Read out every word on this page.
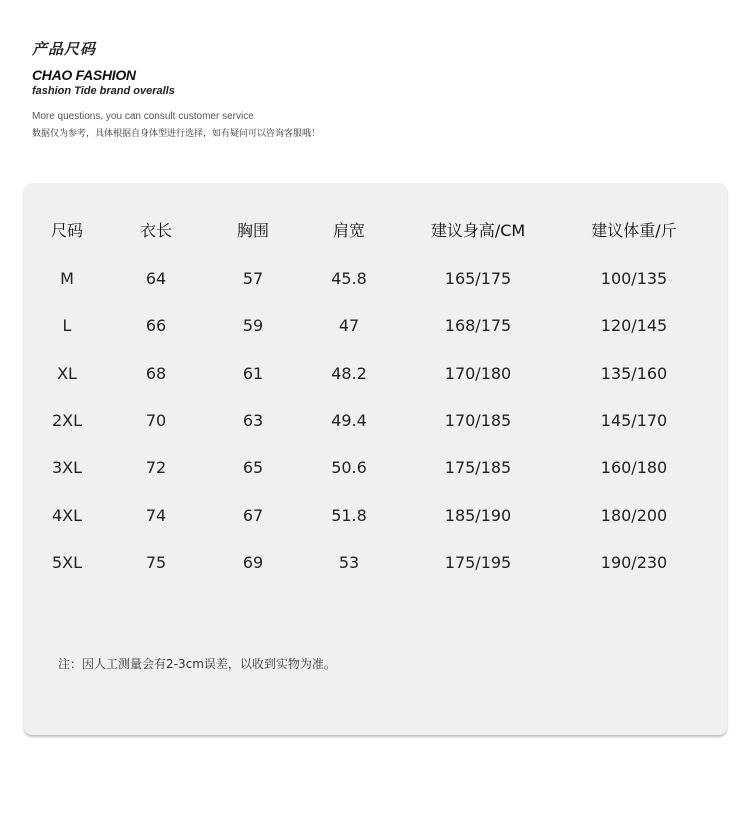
产品尺码
CHAO FASHION
fashion Tide brand overalls
More questions, you can consult customer service
数据仅为参考，具体根据自身体型进行选择，如有疑问可以咨询客服哦！
尺码	衣长	胸围	肩宽	建议身高/CM	建议体重/斤
M	64	57	45.8	165/175	100/135
L	66	59	47	168/175	120/145
XL	68	61	48.2	170/180	135/160
2XL	70	63	49.4	170/185	145/170
3XL	72	65	50.6	175/185	160/180
4XL	74	67	51.8	185/190	180/200
5XL	75	69	53	175/195	190/230
注：因人工测量会有2-3cm误差，以收到实物为准。
